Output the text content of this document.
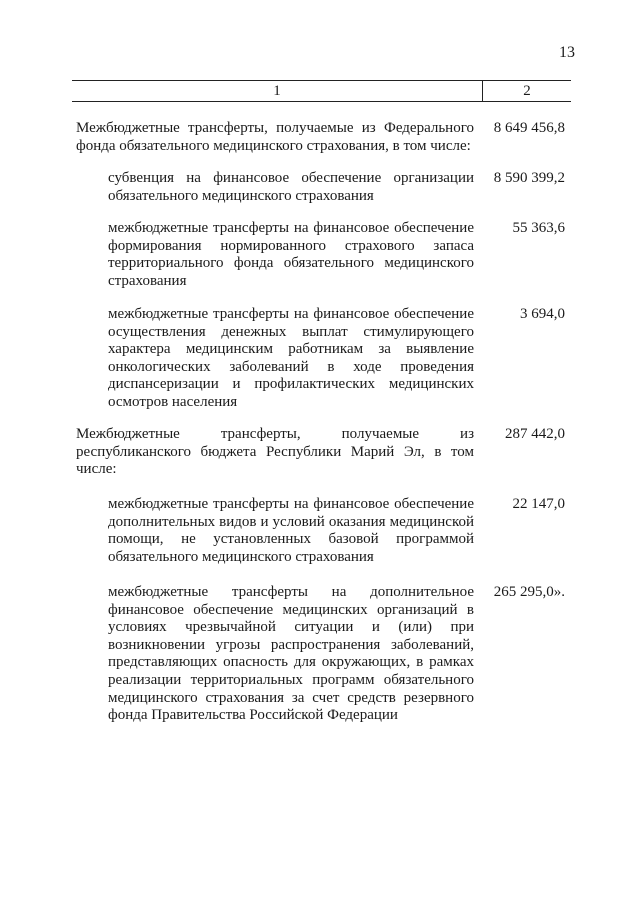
13
1	2
Межбюджетные трансферты, получаемые из Федерального фонда обязательного медицинского страхования, в том числе:
8 649 456,8
субвенция на финансовое обеспечение организации обязательного медицинского страхования
8 590 399,2
межбюджетные трансферты на финансовое обеспечение формирования нормированного страхового запаса территориального фонда обязательного медицинского страхования
55 363,6
межбюджетные трансферты на финансовое обеспечение осуществления денежных выплат стимулирующего характера медицинским работникам за выявление онкологических заболеваний в ходе проведения диспансеризации и профилактических медицинских осмотров населения
3 694,0
Межбюджетные трансферты, получаемые из республиканского бюджета Республики Марий Эл, в том числе:
287 442,0
межбюджетные трансферты на финансовое обеспечение дополнительных видов и условий оказания медицинской помощи, не установленных базовой программой обязательного медицинского страхования
22 147,0
межбюджетные трансферты на дополнительное финансовое обеспечение медицинских организаций в условиях чрезвычайной ситуации и (или) при возникновении угрозы распространения заболеваний, представляющих опасность для окружающих, в рамках реализации территориальных программ обязательного медицинского страхования за счет средств резервного фонда Правительства Российской Федерации
265 295,0».
